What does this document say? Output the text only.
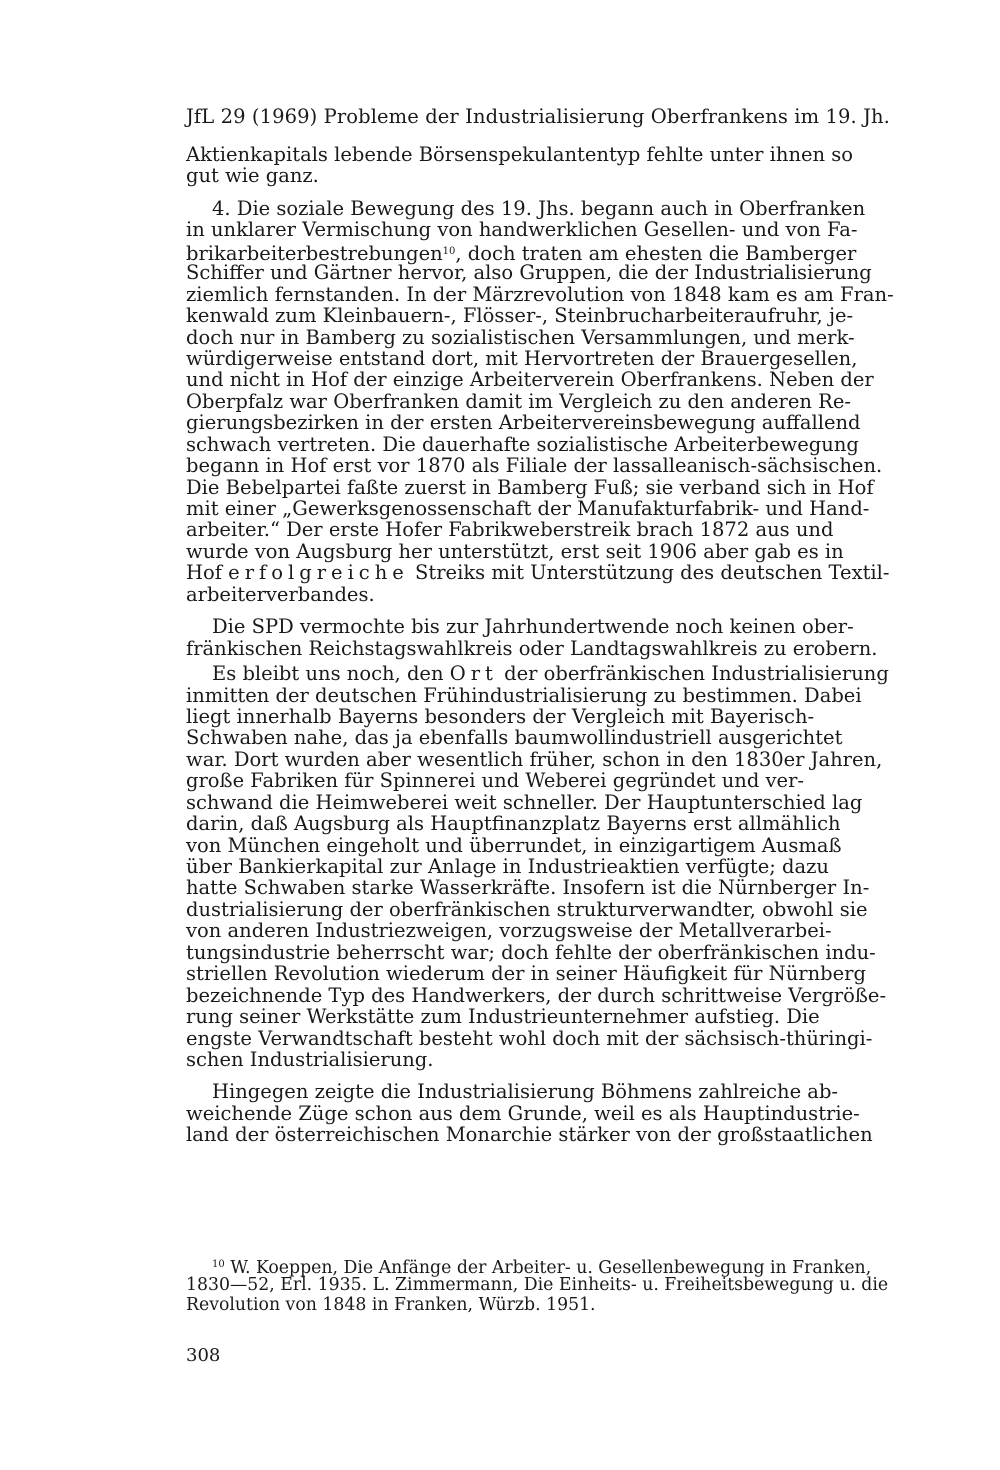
JfL 29 (1969) Probleme der Industrialisierung Oberfrankens im 19. Jh.
Aktienkapitals lebende Börsenspekulantentyp fehlte unter ihnen so
gut wie ganz.
4. Die soziale Bewegung des 19. Jhs. begann auch in Oberfranken
in unklarer Vermischung von handwerklichen Gesellen- und von Fa-
brikarbeiterbestrebungen$^{10}$, doch traten am ehesten die Bamberger
Schiffer und Gärtner hervor, also Gruppen, die der Industrialisierung
ziemlich fernstanden. In der Märzrevolution von 1848 kam es am Fran-
kenwald zum Kleinbauern-, Flösser-, Steinbrucharbeiteraufruhr, je-
doch nur in Bamberg zu sozialistischen Versammlungen, und merk-
würdigerweise entstand dort, mit Hervortreten der Brauergesellen,
und nicht in Hof der einzige Arbeiterverein Oberfrankens. Neben der
Oberpfalz war Oberfranken damit im Vergleich zu den anderen Re-
gierungsbezirken in der ersten Arbeitervereinsbewegung auffallend
schwach vertreten. Die dauerhafte sozialistische Arbeiterbewegung
begann in Hof erst vor 1870 als Filiale der lassalleanisch-sächsischen.
Die Bebelpartei faßte zuerst in Bamberg Fuß; sie verband sich in Hof
mit einer „Gewerksgenossenschaft der Manufakturfabrik- und Hand-
arbeiter.“ Der erste Hofer Fabrikweberstreik brach 1872 aus und
wurde von Augsburg her unterstützt, erst seit 1906 aber gab es in
Hof erfolgreiche Streiks mit Unterstützung des deutschen Textil-
arbeiterverbandes.
Die SPD vermochte bis zur Jahrhundertwende noch keinen ober-
fränkischen Reichstagswahlkreis oder Landtagswahlkreis zu erobern.
Es bleibt uns noch, den Ort der oberfränkischen Industrialisierung
inmitten der deutschen Frühindustrialisierung zu bestimmen. Dabei
liegt innerhalb Bayerns besonders der Vergleich mit Bayerisch-
Schwaben nahe, das ja ebenfalls baumwollindustriell ausgerichtet
war. Dort wurden aber wesentlich früher, schon in den 1830er Jahren,
große Fabriken für Spinnerei und Weberei gegründet und ver-
schwand die Heimweberei weit schneller. Der Hauptunterschied lag
darin, daß Augsburg als Hauptfinanzplatz Bayerns erst allmählich
von München eingeholt und überrundet, in einzigartigem Ausmaß
über Bankierkapital zur Anlage in Industrieaktien verfügte; dazu
hatte Schwaben starke Wasserkräfte. Insofern ist die Nürnberger In-
dustrialisierung der oberfränkischen strukturverwandter, obwohl sie
von anderen Industriezweigen, vorzugsweise der Metallverarbei-
tungsindustrie beherrscht war; doch fehlte der oberfränkischen indu-
striellen Revolution wiederum der in seiner Häufigkeit für Nürnberg
bezeichnende Typ des Handwerkers, der durch schrittweise Vergröße-
rung seiner Werkstätte zum Industrieunternehmer aufstieg. Die
engste Verwandtschaft besteht wohl doch mit der sächsisch-thüringi-
schen Industrialisierung.
Hingegen zeigte die Industrialisierung Böhmens zahlreiche ab-
weichende Züge schon aus dem Grunde, weil es als Hauptindustrie-
land der österreichischen Monarchie stärker von der großstaatlichen
$^{10}$ W. Koeppen, Die Anfänge der Arbeiter- u. Gesellenbewegung in Franken,
1830—52, Erl. 1935. L. Zimmermann, Die Einheits- u. Freiheitsbewegung u. die
Revolution von 1848 in Franken, Würzb. 1951.
308
